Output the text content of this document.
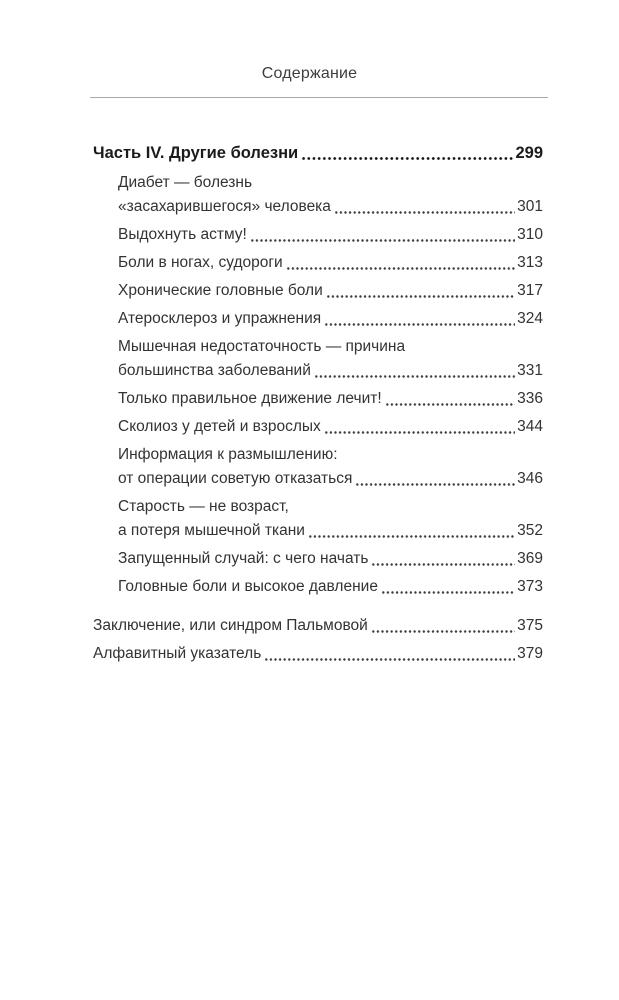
Содержание
Часть IV. Другие болезни	299
Диабет — болезнь
«засахарившегося» человека	301
Выдохнуть астму!	310
Боли в ногах, судороги	313
Хронические головные боли	317
Атеросклероз и упражнения	324
Мышечная недостаточность — причина
большинства заболеваний	331
Только правильное движение лечит!	336
Сколиоз у детей и взрослых	344
Информация к размышлению:
от операции советую отказаться	346
Старость — не возраст,
а потеря мышечной ткани	352
Запущенный случай: с чего начать	369
Головные боли и высокое давление	373
Заключение, или синдром Пальмовой	375
Алфавитный указатель	379
